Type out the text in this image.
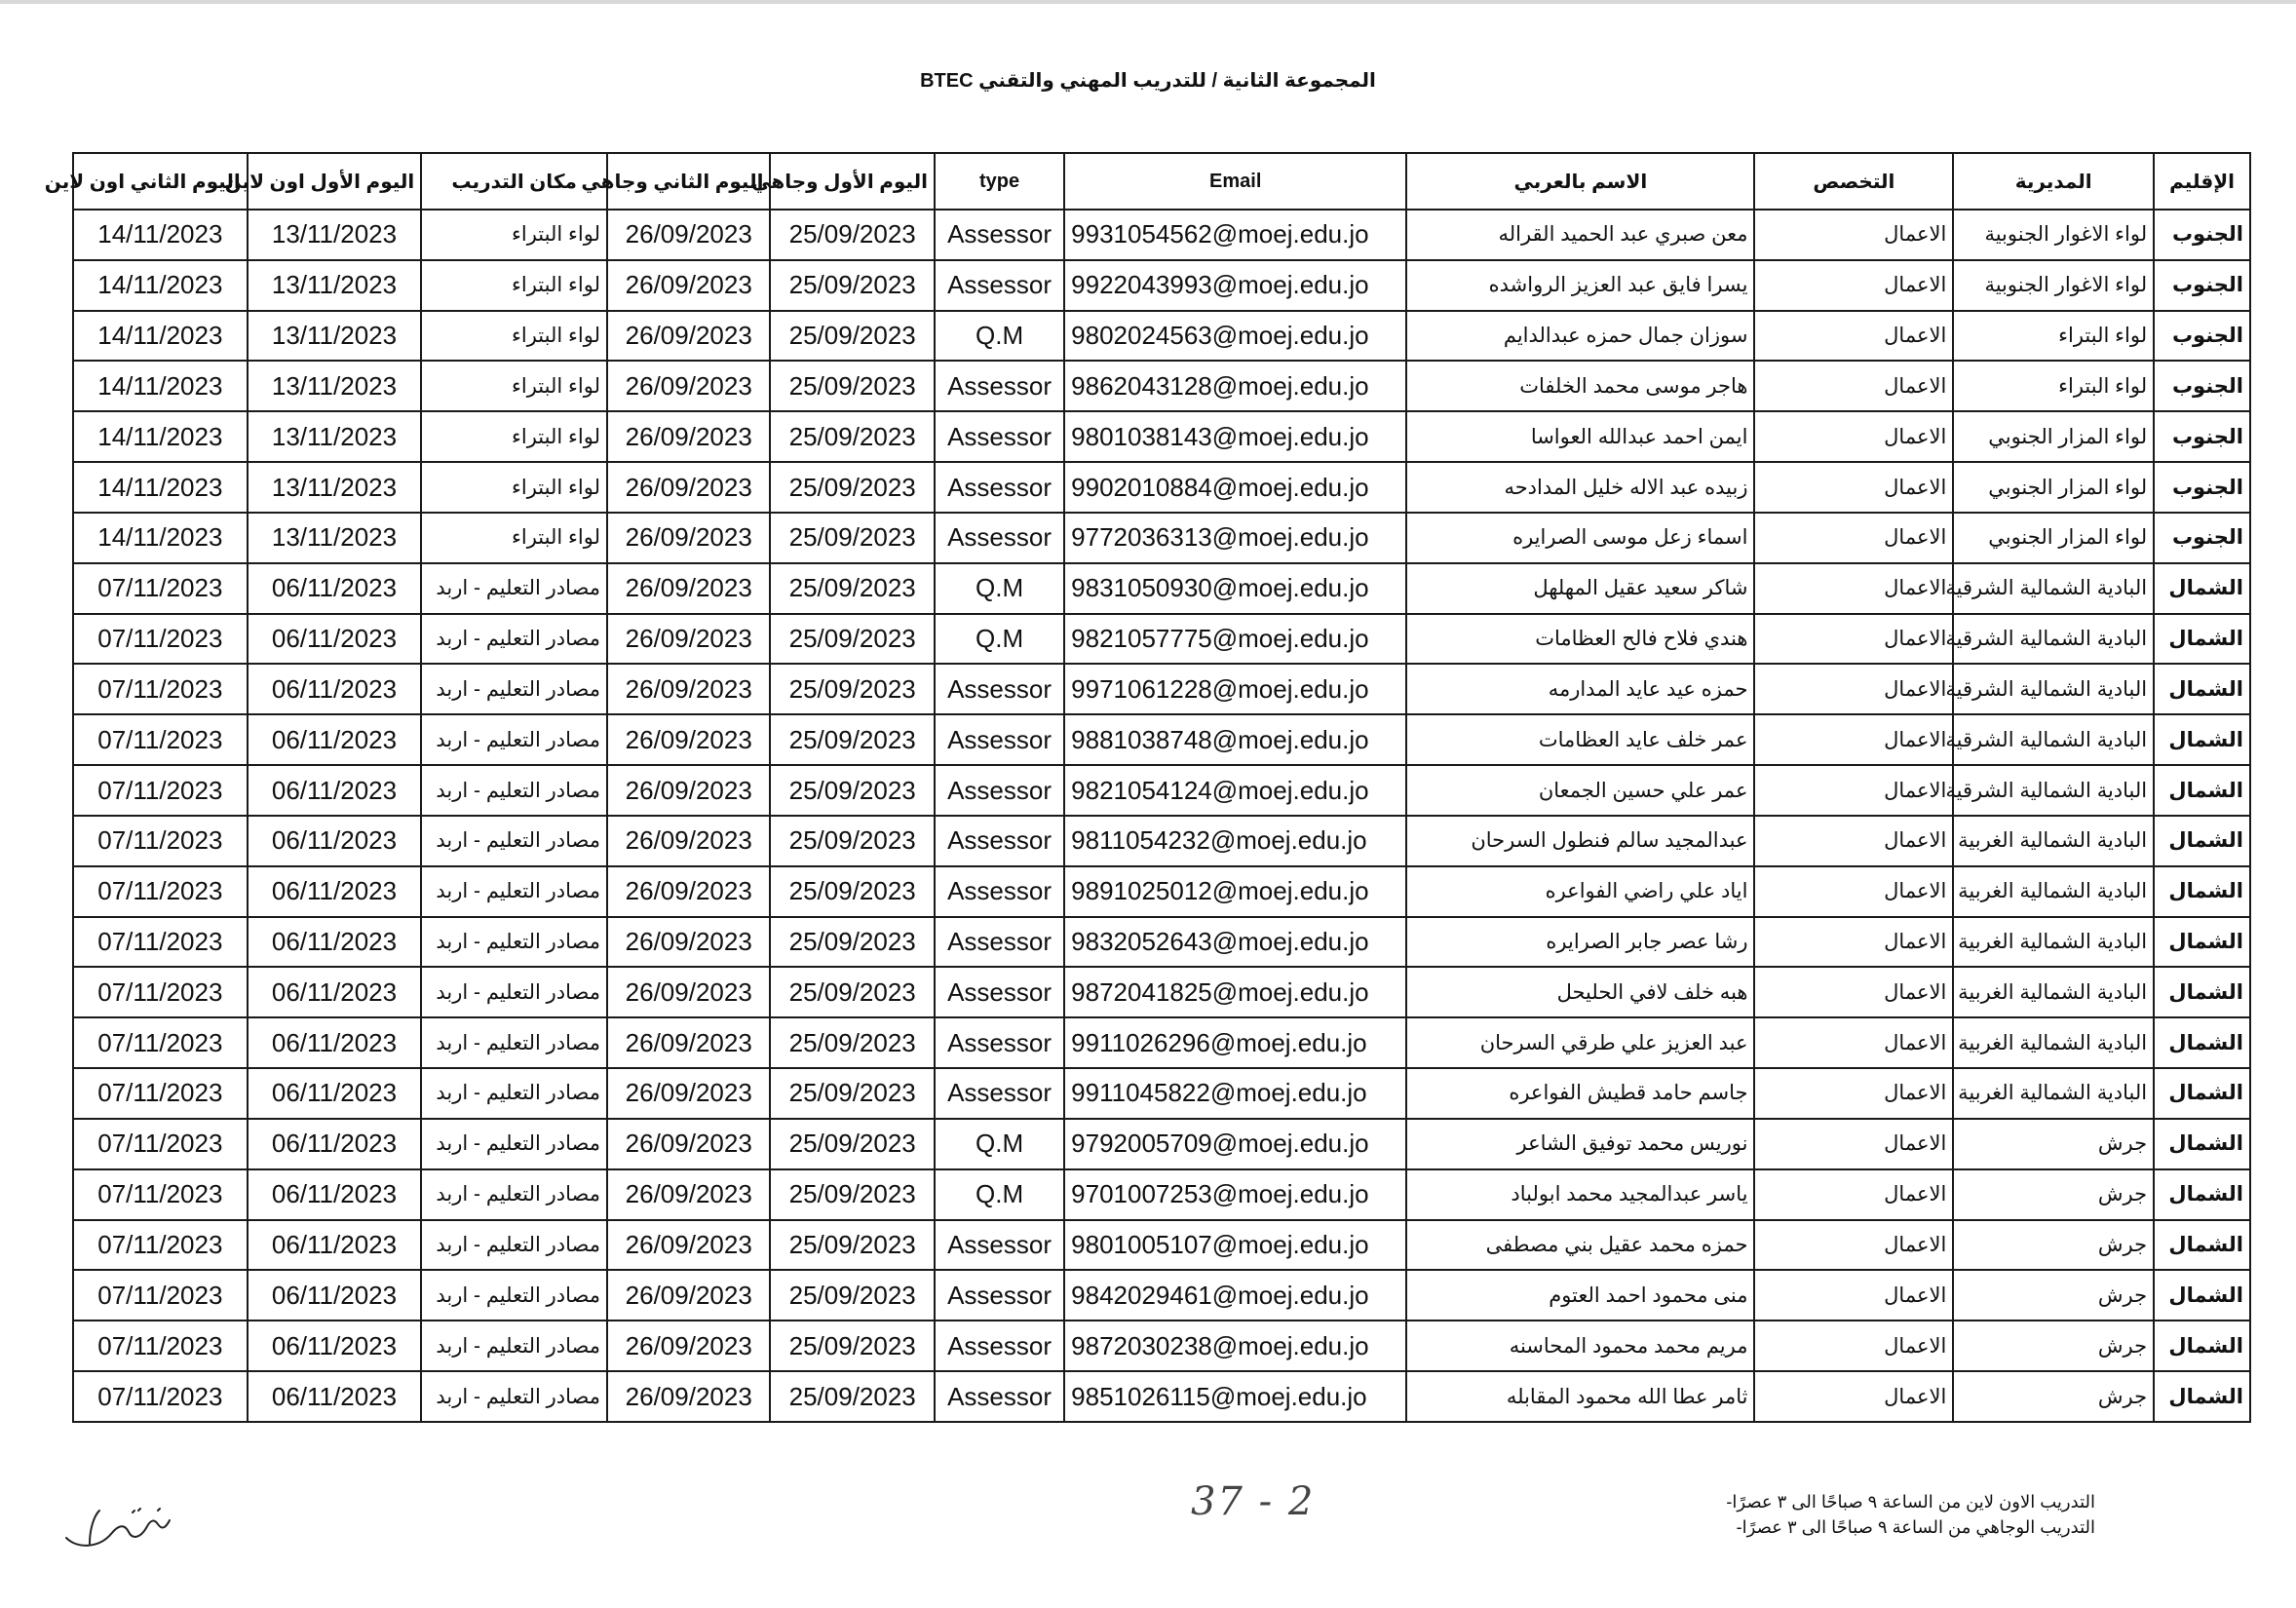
المجموعة الثانية / للتدريب المهني والتقني BTEC
الإقليم	المديرية	التخصص	الاسم بالعربي	Email	type	اليوم الأول وجاهي	اليوم الثاني وجاهي	مكان التدريب	اليوم الأول اون لاين	اليوم الثاني اون لاين
الجنوب	لواء الاغوار الجنوبية	الاعمال	معن صبري عبد الحميد القراله	9931054562@moej.edu.jo	Assessor	25/09/2023	26/09/2023	لواء البتراء	13/11/2023	14/11/2023
الجنوب	لواء الاغوار الجنوبية	الاعمال	يسرا فايق عبد العزيز الرواشده	9922043993@moej.edu.jo	Assessor	25/09/2023	26/09/2023	لواء البتراء	13/11/2023	14/11/2023
الجنوب	لواء البتراء	الاعمال	سوزان جمال حمزه عبدالدايم	9802024563@moej.edu.jo	Q.M	25/09/2023	26/09/2023	لواء البتراء	13/11/2023	14/11/2023
الجنوب	لواء البتراء	الاعمال	هاجر موسى محمد الخلفات	9862043128@moej.edu.jo	Assessor	25/09/2023	26/09/2023	لواء البتراء	13/11/2023	14/11/2023
الجنوب	لواء المزار الجنوبي	الاعمال	ايمن احمد عبدالله العواسا	9801038143@moej.edu.jo	Assessor	25/09/2023	26/09/2023	لواء البتراء	13/11/2023	14/11/2023
الجنوب	لواء المزار الجنوبي	الاعمال	زبيده عبد الاله خليل المدادحه	9902010884@moej.edu.jo	Assessor	25/09/2023	26/09/2023	لواء البتراء	13/11/2023	14/11/2023
الجنوب	لواء المزار الجنوبي	الاعمال	اسماء زعل موسى الصرايره	9772036313@moej.edu.jo	Assessor	25/09/2023	26/09/2023	لواء البتراء	13/11/2023	14/11/2023
الشمال	البادية الشمالية الشرقية	الاعمال	شاكر سعيد عقيل المهلهل	9831050930@moej.edu.jo	Q.M	25/09/2023	26/09/2023	مصادر التعليم - اربد	06/11/2023	07/11/2023
الشمال	البادية الشمالية الشرقية	الاعمال	هندي فلاح فالح العظامات	9821057775@moej.edu.jo	Q.M	25/09/2023	26/09/2023	مصادر التعليم - اربد	06/11/2023	07/11/2023
الشمال	البادية الشمالية الشرقية	الاعمال	حمزه عيد عايد المدارمه	9971061228@moej.edu.jo	Assessor	25/09/2023	26/09/2023	مصادر التعليم - اربد	06/11/2023	07/11/2023
الشمال	البادية الشمالية الشرقية	الاعمال	عمر خلف عايد العظامات	9881038748@moej.edu.jo	Assessor	25/09/2023	26/09/2023	مصادر التعليم - اربد	06/11/2023	07/11/2023
الشمال	البادية الشمالية الشرقية	الاعمال	عمر علي حسين الجمعان	9821054124@moej.edu.jo	Assessor	25/09/2023	26/09/2023	مصادر التعليم - اربد	06/11/2023	07/11/2023
الشمال	البادية الشمالية الغربية	الاعمال	عبدالمجيد سالم فنطول السرحان	9811054232@moej.edu.jo	Assessor	25/09/2023	26/09/2023	مصادر التعليم - اربد	06/11/2023	07/11/2023
الشمال	البادية الشمالية الغربية	الاعمال	اياد علي راضي الفواعره	9891025012@moej.edu.jo	Assessor	25/09/2023	26/09/2023	مصادر التعليم - اربد	06/11/2023	07/11/2023
الشمال	البادية الشمالية الغربية	الاعمال	رشا عصر جابر الصرايره	9832052643@moej.edu.jo	Assessor	25/09/2023	26/09/2023	مصادر التعليم - اربد	06/11/2023	07/11/2023
الشمال	البادية الشمالية الغربية	الاعمال	هبه خلف لافي الحليحل	9872041825@moej.edu.jo	Assessor	25/09/2023	26/09/2023	مصادر التعليم - اربد	06/11/2023	07/11/2023
الشمال	البادية الشمالية الغربية	الاعمال	عبد العزيز علي طرقي السرحان	9911026296@moej.edu.jo	Assessor	25/09/2023	26/09/2023	مصادر التعليم - اربد	06/11/2023	07/11/2023
الشمال	البادية الشمالية الغربية	الاعمال	جاسم حامد قطيش الفواعره	9911045822@moej.edu.jo	Assessor	25/09/2023	26/09/2023	مصادر التعليم - اربد	06/11/2023	07/11/2023
الشمال	جرش	الاعمال	نوريس محمد توفيق الشاعر	9792005709@moej.edu.jo	Q.M	25/09/2023	26/09/2023	مصادر التعليم - اربد	06/11/2023	07/11/2023
الشمال	جرش	الاعمال	ياسر عبدالمجيد محمد ابولباد	9701007253@moej.edu.jo	Q.M	25/09/2023	26/09/2023	مصادر التعليم - اربد	06/11/2023	07/11/2023
الشمال	جرش	الاعمال	حمزه محمد عقيل بني مصطفى	9801005107@moej.edu.jo	Assessor	25/09/2023	26/09/2023	مصادر التعليم - اربد	06/11/2023	07/11/2023
الشمال	جرش	الاعمال	منى محمود احمد العتوم	9842029461@moej.edu.jo	Assessor	25/09/2023	26/09/2023	مصادر التعليم - اربد	06/11/2023	07/11/2023
الشمال	جرش	الاعمال	مريم محمد محمود المحاسنه	9872030238@moej.edu.jo	Assessor	25/09/2023	26/09/2023	مصادر التعليم - اربد	06/11/2023	07/11/2023
الشمال	جرش	الاعمال	ثامر عطا الله محمود المقابله	9851026115@moej.edu.jo	Assessor	25/09/2023	26/09/2023	مصادر التعليم - اربد	06/11/2023	07/11/2023
التدريب الاون لاين من الساعة ٩ صباحًا الى ٣ عصرًا-
التدريب الوجاهي من الساعة ٩ صباحًا الى ٣ عصرًا-
37 - 2
